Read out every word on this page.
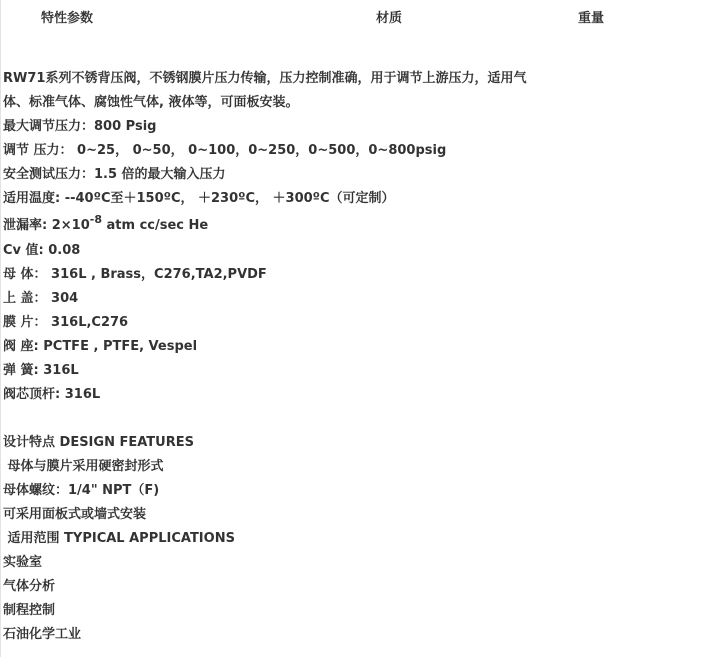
特性参数	材质	重量
RW71系列不锈背压阀，不锈钢膜片压力传输，压力控制准确，用于调节上游压力，适用气
体、标准气体、腐蚀性气体, 液体等，可面板安装。
最大调节压力：800 Psig
调节 压力： 0~25， 0~50， 0~100，0~250，0~500，0~800psig
安全测试压力：1.5 倍的最大输入压力
适用温度: --40ºC至＋150ºC， ＋230ºC， ＋300ºC（可定制）
泄漏率: $2\times 10^{-8}$ atm cc/sec He
Cv 值: 0.08
母 体： 316L , Brass，C276,TA2,PVDF
上 盖： 304
膜 片： 316L,C276
阀 座: PCTFE , PTFE, Vespel
弹 簧: 316L
阀芯顶杆: 316L
设计特点 DESIGN FEATURES
母体与膜片采用硬密封形式
母体螺纹：1/4" NPT（F)
可采用面板式或墙式安装
适用范围 TYPICAL APPLICATIONS
实验室
气体分析
制程控制
石油化学工业
